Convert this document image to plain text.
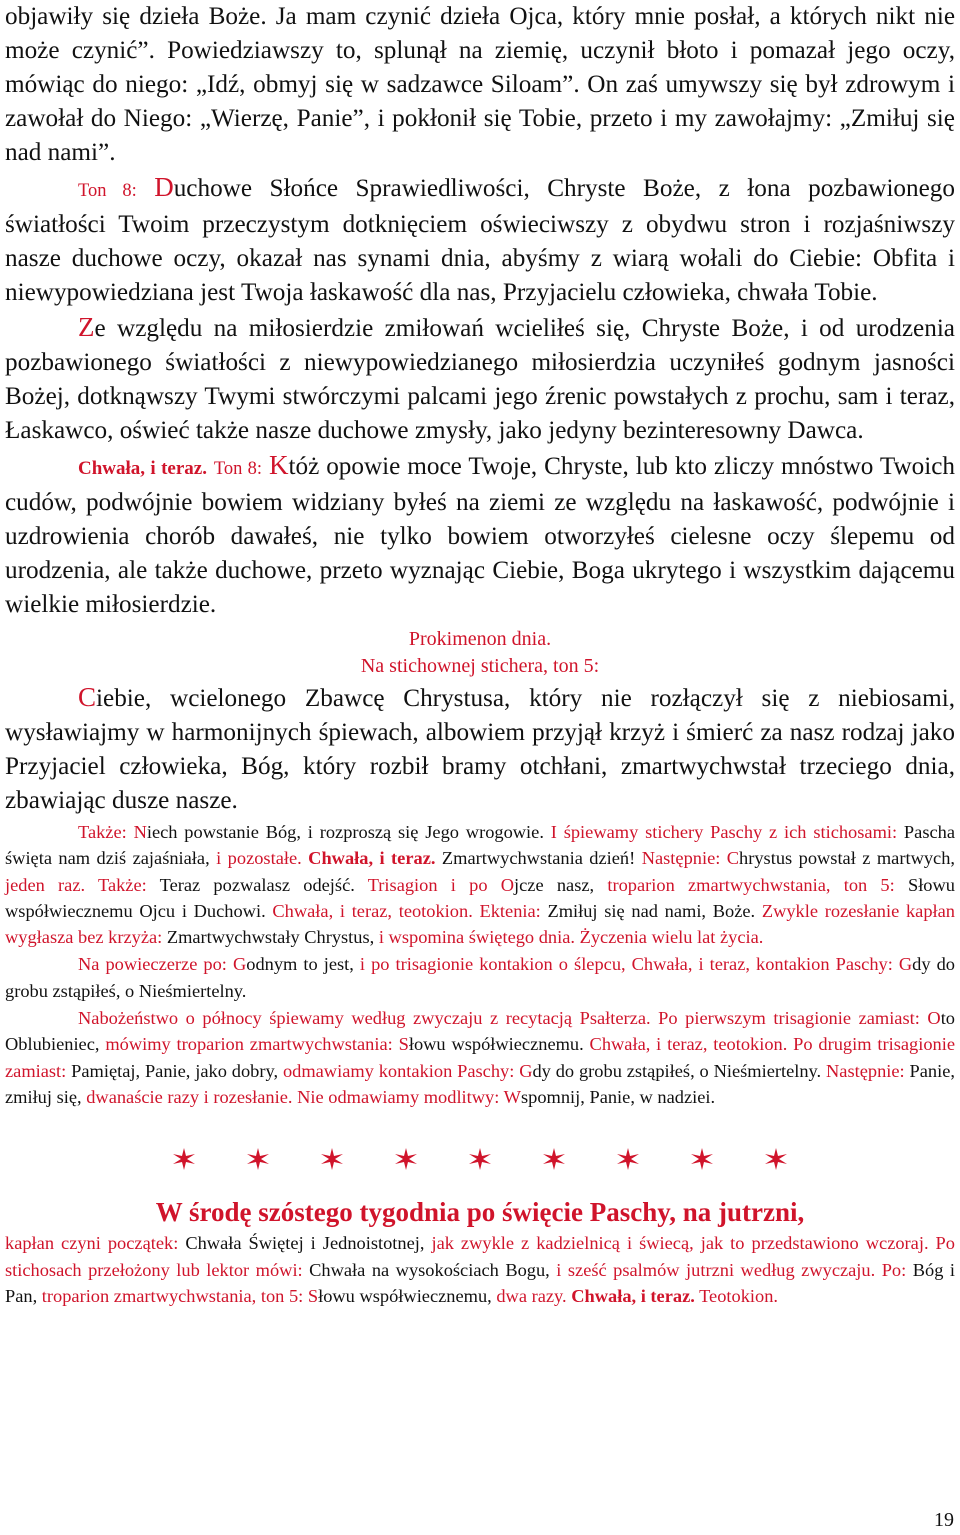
objawiły się dzieła Boże. Ja mam czynić dzieła Ojca, który mnie posłał, a których nikt nie może czynić”. Powiedziawszy to, splunął na ziemię, uczynił błoto i pomazał jego oczy, mówiąc do niego: „Idź, obmyj się w sadzawce Siloam”. On zaś umywszy się był zdrowym i zawołał do Niego: „Wierzę, Panie”, i pokłonił się Tobie, przeto i my zawołajmy: „Zmiłuj się nad nami”.

Ton 8: Duchowe Słońce Sprawiedliwości, Chryste Boże, z łona pozbawionego światłości Twoim przeczystym dotknięciem oświeciwszy z obydwu stron i rozjaśniwszy nasze duchowe oczy, okazał nas synami dnia, abyśmy z wiarą wołali do Ciebie: Obfita i niewypowiedziana jest Twoja łaskawość dla nas, Przyjacielu człowieka, chwała Tobie.

Ze względu na miłosierdzie zmiłowań wcieliłeś się, Chryste Boże, i od urodzenia pozbawionego światłości z niewypowiedzianego miłosierdzia uczyniłeś godnym jasności Bożej, dotknąwszy Twymi stwórczymi palcami jego źrenic powstałych z prochu, sam i teraz, Łaskawco, oświeć także nasze duchowe zmysły, jako jedyny bezinteresowny Dawca.

Chwała, i teraz. Ton 8: Któż opowie moce Twoje, Chryste, lub kto zliczy mnóstwo Twoich cudów, podwójnie bowiem widziany byłeś na ziemi ze względu na łaskawość, podwójnie i uzdrowienia chorób dawałeś, nie tylko bowiem otworzyłeś cielesne oczy ślepemu od urodzenia, ale także duchowe, przeto wyznając Ciebie, Boga ukrytego i wszystkim dającemu wielkie miłosierdzie.

Prokimenon dnia.

Na stichownej stichera, ton 5:

Ciebie, wcielonego Zbawcę Chrystusa, który nie rozłączył się z niebiosami, wysławiajmy w harmonijnych śpiewach, albowiem przyjął krzyż i śmierć za nasz rodzaj jako Przyjaciel człowieka, Bóg, który rozbił bramy otchłani, zmartwychwstał trzeciego dnia, zbawiając dusze nasze.

Także: Niech powstanie Bóg, i rozproszą się Jego wrogowie. I śpiewamy stichery Paschy z ich stichosami: Pascha święta nam dziś zajaśniała, i pozostałe. Chwała, i teraz. Zmartwychwstania dzień! Następnie: Chrystus powstał z martwych, jeden raz. Także: Teraz pozwalasz odejść. Trisagion i po Ojcze nasz, troparion zmartwychwstania, ton 5: Słowu współwiecznemu Ojcu i Duchowi. Chwała, i teraz, teotokion. Ektenia: Zmiłuj się nad nami, Boże. Zwykle rozesłanie kapłan wygłasza bez krzyża: Zmartwychwstały Chrystus, i wspomina świętego dnia. Życzenia wielu lat życia.

Na powieczerze po: Godnym to jest, i po trisagionie kontakion o ślepcu, Chwała, i teraz, kontakion Paschy: Gdy do grobu zstąpiłeś, o Nieśmiertelny.

Nabożeństwo o północy śpiewamy według zwyczaju z recytacją Psałterza. Po pierwszym trisagionie zamiast: Oto Oblubieniec, mówimy troparion zmartwychwstania: Słowu współwiecznemu. Chwała, i teraz, teotokion. Po drugim trisagionie zamiast: Pamiętaj, Panie, jako dobry, odmawiamy kontakion Paschy: Gdy do grobu zstąpiłeś, o Nieśmiertelny. Następnie: Panie, zmiłuj się, dwanaście razy i rozesłanie. Nie odmawiamy modlitwy: Wspomnij, Panie, w nadziei.

W środę szóstego tygodnia po święcie Paschy, na jutrzni,

kapłan czyni początek: Chwała Świętej i Jednoistotnej, jak zwykle z kadzielnicą i świecą, jak to przedstawiono wczoraj. Po stichosach przełożony lub lektor mówi: Chwała na wysokościach Bogu, i sześć psalmów jutrzni według zwyczaju. Po: Bóg i Pan, troparion zmartwychwstania, ton 5: Słowu współwiecznemu, dwa razy. Chwała, i teraz. Teotokion.

19
